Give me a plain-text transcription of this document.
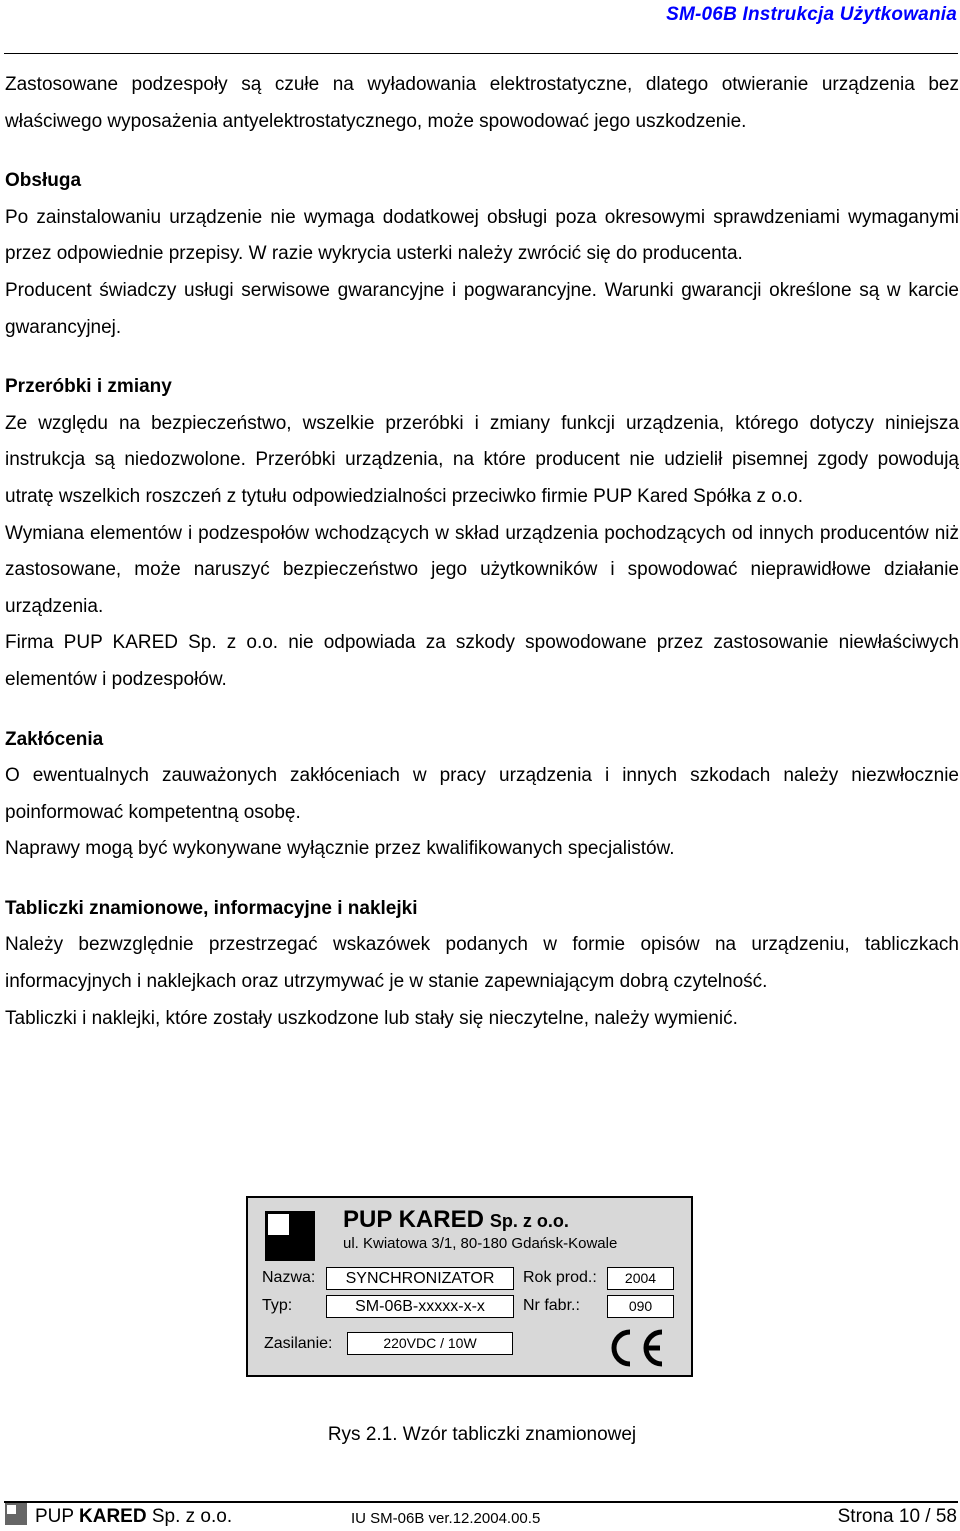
SM-06B Instrukcja Użytkowania

Zastosowane podzespoły są czułe na wyładowania elektrostatyczne, dlatego otwieranie urządzenia bez właściwego wyposażenia antyelektrostatycznego, może spowodować jego uszkodzenie.

Obsługa

Po zainstalowaniu urządzenie nie wymaga dodatkowej obsługi poza okresowymi sprawdzeniami wymaganymi przez odpowiednie przepisy. W razie wykrycia usterki należy zwrócić się do producenta.

Producent świadczy usługi serwisowe gwarancyjne i pogwarancyjne. Warunki gwarancji określone są w karcie gwarancyjnej.

Przeróbki i zmiany

Ze względu na bezpieczeństwo, wszelkie przeróbki i zmiany funkcji urządzenia, którego dotyczy niniejsza instrukcja są niedozwolone. Przeróbki urządzenia, na które producent nie udzielił pisemnej zgody powodują utratę wszelkich roszczeń z tytułu odpowiedzialności przeciwko firmie PUP Kared Spółka z o.o.

Wymiana elementów i podzespołów wchodzących w skład urządzenia pochodzących od innych producentów niż zastosowane, może naruszyć bezpieczeństwo jego użytkowników i spowodować nieprawidłowe działanie urządzenia.

Firma PUP KARED Sp. z o.o. nie odpowiada za szkody spowodowane przez zastosowanie niewłaściwych elementów i podzespołów.

Zakłócenia

O ewentualnych zauważonych zakłóceniach w pracy urządzenia i innych szkodach należy niezwłocznie poinformować kompetentną osobę.

Naprawy mogą być wykonywane wyłącznie przez kwalifikowanych specjalistów.

Tabliczki znamionowe, informacyjne i naklejki

Należy bezwzględnie przestrzegać wskazówek podanych w formie opisów na urządzeniu, tabliczkach informacyjnych i naklejkach oraz utrzymywać je w stanie zapewniającym dobrą czytelność.

Tabliczki i naklejki, które zostały uszkodzone lub stały się nieczytelne, należy wymienić.

PUP KARED Sp. z o.o.
ul. Kwiatowa 3/1, 80-180 Gdańsk-Kowale
Nazwa:	SYNCHRONIZATOR	Rok prod.:	2004
Typ:	SM-06B-xxxxx-x-x	Nr fabr.:	090
Zasilanie:	220VDC / 10W
Rys 2.1. Wzór tabliczki znamionowej
PUP KARED Sp. z o.o.	IU SM-06B ver.12.2004.00.5	Strona 10 / 58
